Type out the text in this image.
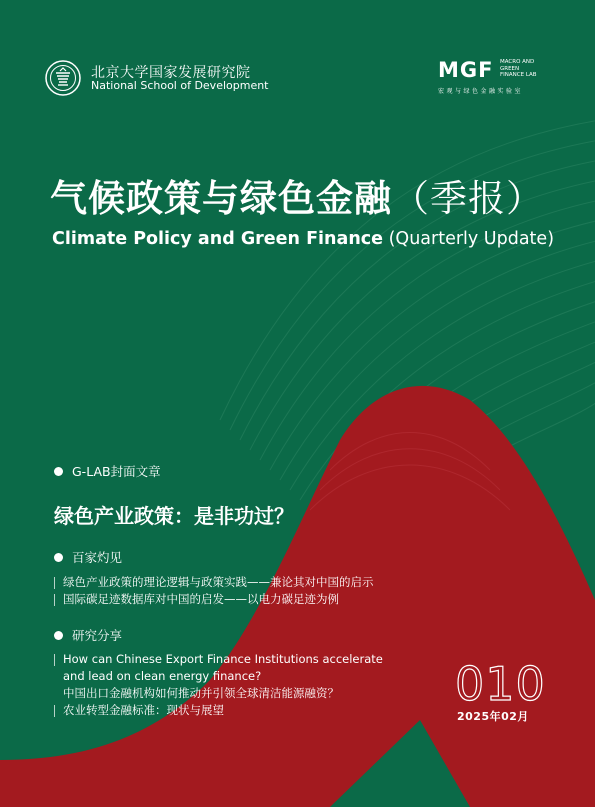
北京大学国家发展研究院
National School of Development
MGF MACRO AND
GREEN
FINANCE LAB
宏观与绿色金融实验室
气候政策与绿色金融（季报）
Climate Policy and Green Finance (Quarterly Update)
G-LAB封面文章
绿色产业政策：是非功过？
百家灼见
绿色产业政策的理论逻辑与政策实践——兼论其对中国的启示
国际碳足迹数据库对中国的启发——以电力碳足迹为例
研究分享
How can Chinese Export Finance Institutions accelerate
and lead on clean energy finance?
中国出口金融机构如何推动并引领全球清洁能源融资？
农业转型金融标准：现状与展望	010
2025年02月
